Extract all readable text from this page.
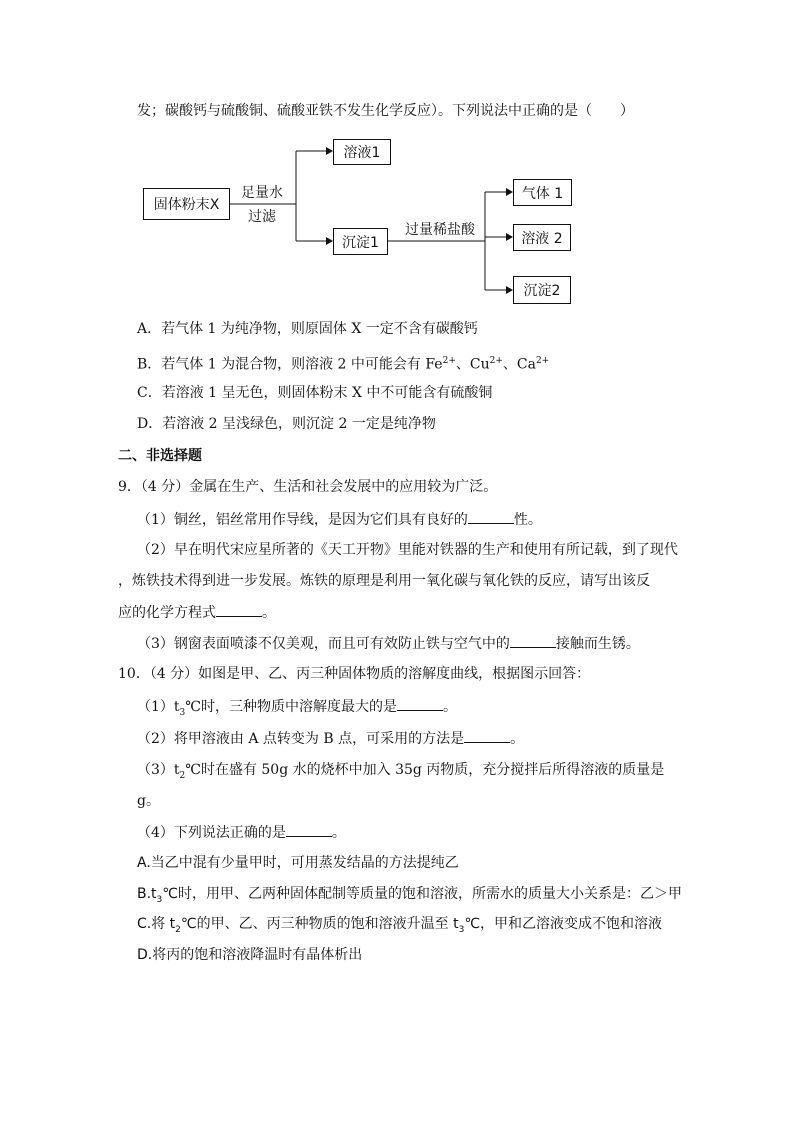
发；碳酸钙与硫酸铜、硫酸亚铁不发生化学反应）。下列说法中正确的是（　　）
固体粉末X
足量水
过滤
溶液1
沉淀1
过量稀盐酸
气体 1
溶液 2
沉淀2
A．若气体 1 为纯净物，则原固体 X 一定不含有碳酸钙
B．若气体 1 为混合物，则溶液 2 中可能会有 $Fe^{2+}$、$Cu^{2+}$、$Ca^{2+}$
C．若溶液 1 呈无色，则固体粉末 X 中不可能含有硫酸铜
D．若溶液 2 呈浅绿色，则沉淀 2 一定是纯净物
二、非选择题
9．（4 分）金属在生产、生活和社会发展中的应用较为广泛。
（1）铜丝，铝丝常用作导线，是因为它们具有良好的	性。
（2）早在明代宋应星所著的《天工开物》里能对铁器的生产和使用有所记载，到了现代
，炼铁技术得到进一步发展。炼铁的原理是利用一氧化碳与氧化铁的反应，请写出该反
应的化学方程式	。
（3）钢窗表面喷漆不仅美观，而且可有效防止铁与空气中的	接触而生锈。
10．（4 分）如图是甲、乙、丙三种固体物质的溶解度曲线，根据图示回答：
$(1)t_3℃$时，三种物质中溶解度最大的是	。
（2）将甲溶液由 A 点转变为 B 点，可采用的方法是	。
$(3)t_2℃$时在盛有 50g 水的烧杯中加入 35g 丙物质，充分搅拌后所得溶液的质量是
g。
（4）下列说法正确的是	。
A.当乙中混有少量甲时，可用蒸发结晶的方法提纯乙
$B.t_3℃$时，用甲、乙两种固体配制等质量的饱和溶液，所需水的质量大小关系是：乙＞甲
C.将 $t_2℃$的甲、乙、丙三种物质的饱和溶液升温至 $t_3℃$，甲和乙溶液变成不饱和溶液
D.将丙的饱和溶液降温时有晶体析出
